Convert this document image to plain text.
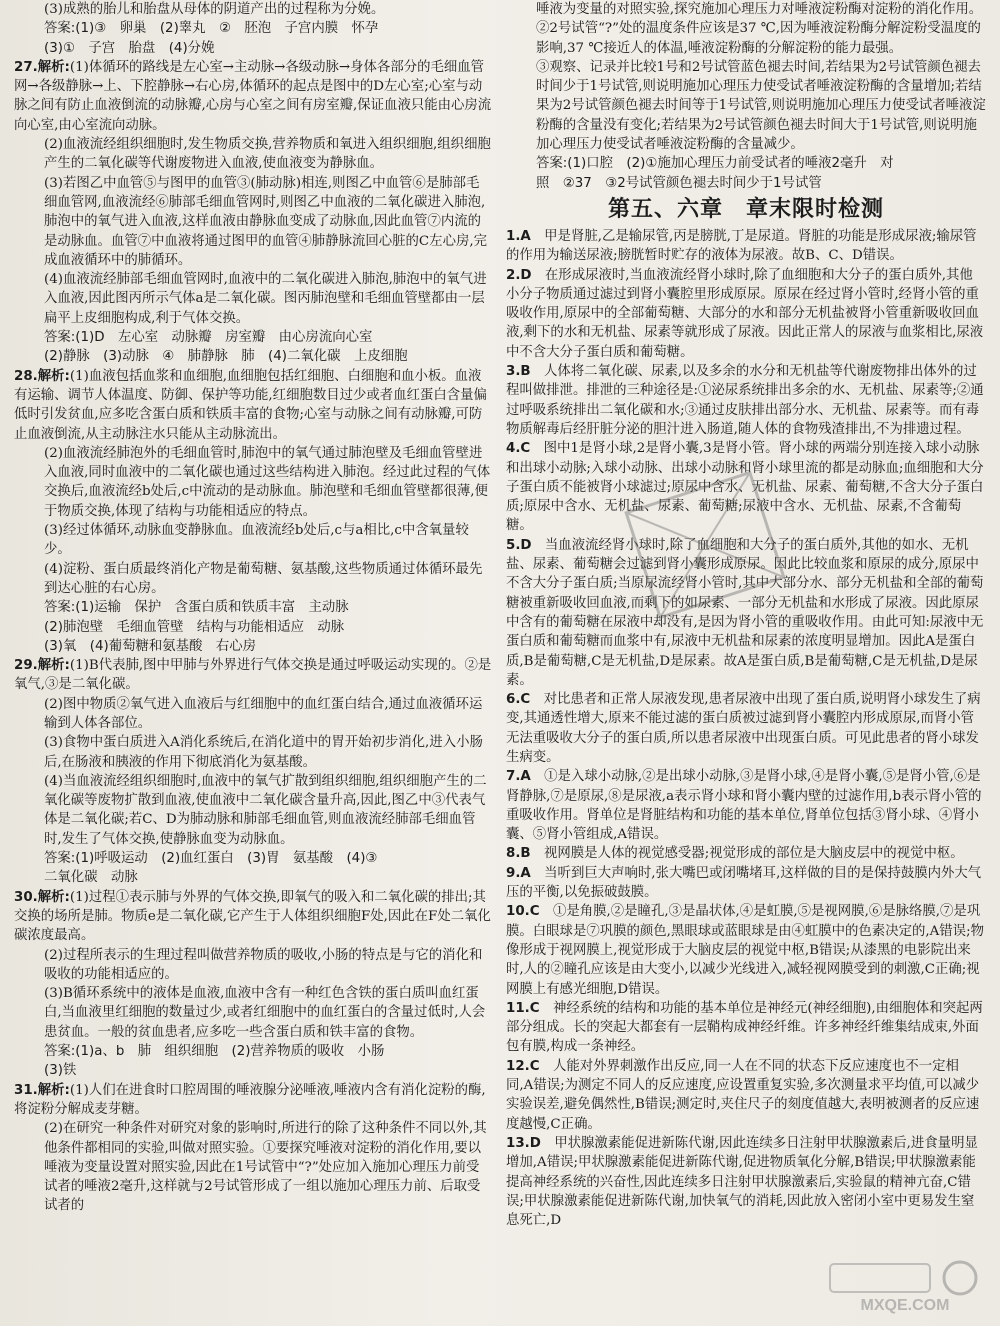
(3)成熟的胎儿和胎盘从母体的阴道产出的过程称为分娩。

答案:(1)③　卵巢　(2)睾丸　②　胚泡　子宫内膜　怀孕

(3)①　子宫　胎盘　(4)分娩

27.解析:(1)体循环的路线是左心室→主动脉→各级动脉→身体各部分的毛细血管网→各级静脉→上、下腔静脉→右心房,体循环的起点是图中的D左心室;心室与动脉之间有防止血液倒流的动脉瓣,心房与心室之间有房室瓣,保证血液只能由心房流向心室,由心室流向动脉。

(2)血液流经组织细胞时,发生物质交换,营养物质和氧进入组织细胞,组织细胞产生的二氧化碳等代谢废物进入血液,使血液变为静脉血。

(3)若图乙中血管⑤与图甲的血管③(肺动脉)相连,则图乙中血管⑥是肺部毛细血管网,血液流经⑥肺部毛细血管网时,则图乙中血液的二氧化碳进入肺泡,肺泡中的氧气进入血液,这样血液由静脉血变成了动脉血,因此血管⑦内流的是动脉血。血管⑦中血液将通过图甲的血管④肺静脉流回心脏的C左心房,完成血液循环中的肺循环。

(4)血液流经肺部毛细血管网时,血液中的二氧化碳进入肺泡,肺泡中的氧气进入血液,因此图丙所示气体a是二氧化碳。图丙肺泡壁和毛细血管壁都由一层扁平上皮细胞构成,利于气体交换。

答案:(1)D　左心室　动脉瓣　房室瓣　由心房流向心室

(2)静脉　(3)动脉　④　肺静脉　肺　(4)二氧化碳　上皮细胞

28.解析:(1)血液包括血浆和血细胞,血细胞包括红细胞、白细胞和血小板。血液有运输、调节人体温度、防御、保护等功能,红细胞数目过少或者血红蛋白含量偏低时引发贫血,应多吃含蛋白质和铁质丰富的食物;心室与动脉之间有动脉瓣,可防止血液倒流,从主动脉注水只能从主动脉流出。

(2)血液流经肺泡外的毛细血管时,肺泡中的氧气通过肺泡壁及毛细血管壁进入血液,同时血液中的二氧化碳也通过这些结构进入肺泡。经过此过程的气体交换后,血液流经b处后,c中流动的是动脉血。肺泡壁和毛细血管壁都很薄,便于物质交换,体现了结构与功能相适应的特点。

(3)经过体循环,动脉血变静脉血。血液流经b处后,c与a相比,c中含氧量较少。

(4)淀粉、蛋白质最终消化产物是葡萄糖、氨基酸,这些物质通过体循环最先到达心脏的右心房。

答案:(1)运输　保护　含蛋白质和铁质丰富　主动脉

(2)肺泡壁　毛细血管壁　结构与功能相适应　动脉

(3)氧　(4)葡萄糖和氨基酸　右心房

29.解析:(1)B代表肺,图中甲肺与外界进行气体交换是通过呼吸运动实现的。②是氧气,③是二氧化碳。

(2)图中物质②氧气进入血液后与红细胞中的血红蛋白结合,通过血液循环运输到人体各部位。

(3)食物中蛋白质进入A消化系统后,在消化道中的胃开始初步消化,进入小肠后,在肠液和胰液的作用下彻底消化为氨基酸。

(4)当血液流经组织细胞时,血液中的氧气扩散到组织细胞,组织细胞产生的二氧化碳等废物扩散到血液,使血液中二氧化碳含量升高,因此,图乙中③代表气体是二氧化碳;若C、D为肺动脉和肺部毛细血管,则血液流经肺部毛细血管时,发生了气体交换,使静脉血变为动脉血。

答案:(1)呼吸运动　(2)血红蛋白　(3)胃　氨基酸　(4)③

二氧化碳　动脉

30.解析:(1)过程①表示肺与外界的气体交换,即氧气的吸入和二氧化碳的排出;其交换的场所是肺。物质e是二氧化碳,它产生于人体组织细胞F处,因此在F处二氧化碳浓度最高。

(2)过程所表示的生理过程叫做营养物质的吸收,小肠的特点是与它的消化和吸收的功能相适应的。

(3)B循环系统中的液体是血液,血液中含有一种红色含铁的蛋白质叫血红蛋白,当血液里红细胞的数量过少,或者红细胞中的血红蛋白的含量过低时,人会患贫血。一般的贫血患者,应多吃一些含蛋白质和铁丰富的食物。

答案:(1)a、b　肺　组织细胞　(2)营养物质的吸收　小肠

(3)铁

31.解析:(1)人们在进食时口腔周围的唾液腺分泌唾液,唾液内含有消化淀粉的酶,将淀粉分解成麦芽糖。

(2)在研究一种条件对研究对象的影响时,所进行的除了这种条件不同以外,其他条件都相同的实验,叫做对照实验。①要探究唾液对淀粉的消化作用,要以唾液为变量设置对照实验,因此在1号试管中“?”处应加入施加心理压力前受试者的唾液2毫升,这样就与2号试管形成了一组以施加心理压力前、后取受试者的

唾液为变量的对照实验,探究施加心理压力对唾液淀粉酶对淀粉的消化作用。

②2号试管“?”处的温度条件应该是37 ℃,因为唾液淀粉酶分解淀粉受温度的影响,37 ℃接近人的体温,唾液淀粉酶的分解淀粉的能力最强。

③观察、记录并比较1号和2号试管蓝色褪去时间,若结果为2号试管颜色褪去时间少于1号试管,则说明施加心理压力使受试者唾液淀粉酶的含量增加;若结果为2号试管颜色褪去时间等于1号试管,则说明施加心理压力使受试者唾液淀粉酶的含量没有变化;若结果为2号试管颜色褪去时间大于1号试管,则说明施加心理压力使受试者唾液淀粉酶的含量减少。

答案:(1)口腔　(2)①施加心理压力前受试者的唾液2毫升　对

照　②37　③2号试管颜色褪去时间少于1号试管

第五、六章　章末限时检测

1.A　 甲是肾脏,乙是输尿管,丙是膀胱,丁是尿道。肾脏的功能是形成尿液;输尿管的作用为输送尿液;膀胱暂时贮存的液体为尿液。故B、C、D错误。

2.D　 在形成尿液时,当血液流经肾小球时,除了血细胞和大分子的蛋白质外,其他小分子物质通过滤过到肾小囊腔里形成原尿。原尿在经过肾小管时,经肾小管的重吸收作用,原尿中的全部葡萄糖、大部分的水和部分无机盐被肾小管重新吸收回血液,剩下的水和无机盐、尿素等就形成了尿液。因此正常人的尿液与血浆相比,尿液中不含大分子蛋白质和葡萄糖。

3.B　 人体将二氧化碳、尿素,以及多余的水分和无机盐等代谢废物排出体外的过程叫做排泄。排泄的三种途径是:①泌尿系统排出多余的水、无机盐、尿素等;②通过呼吸系统排出二氧化碳和水;③通过皮肤排出部分水、无机盐、尿素等。而有毒物质解毒后经肝脏分泌的胆汁进入肠道,随人体的食物残渣排出,不为排遗过程。

4.C　 图中1是肾小球,2是肾小囊,3是肾小管。肾小球的两端分别连接入球小动脉和出球小动脉;入球小动脉、出球小动脉和肾小球里流的都是动脉血;血细胞和大分子蛋白质不能被肾小球滤过;原尿中含水、无机盐、尿素、葡萄糖,不含大分子蛋白质;原尿中含水、无机盐、尿素、葡萄糖;尿液中含水、无机盐、尿素,不含葡萄糖。

5.D　 当血液流经肾小球时,除了血细胞和大分子的蛋白质外,其他的如水、无机盐、尿素、葡萄糖会过滤到肾小囊形成原尿。因此比较血浆和原尿的成分,原尿中不含大分子蛋白质;当原尿流经肾小管时,其中大部分水、部分无机盐和全部的葡萄糖被重新吸收回血液,而剩下的如尿素、一部分无机盐和水形成了尿液。因此原尿中含有的葡萄糖在尿液中却没有,是因为肾小管的重吸收作用。由此可知:尿液中无蛋白质和葡萄糖而血浆中有,尿液中无机盐和尿素的浓度明显增加。因此A是蛋白质,B是葡萄糖,C是无机盐,D是尿素。故A是蛋白质,B是葡萄糖,C是无机盐,D是尿素。

6.C　 对比患者和正常人尿液发现,患者尿液中出现了蛋白质,说明肾小球发生了病变,其通透性增大,原来不能过滤的蛋白质被过滤到肾小囊腔内形成原尿,而肾小管无法重吸收大分子的蛋白质,所以患者尿液中出现蛋白质。可见此患者的肾小球发生病变。

7.A　 ①是入球小动脉,②是出球小动脉,③是肾小球,④是肾小囊,⑤是肾小管,⑥是肾静脉,⑦是原尿,⑧是尿液,a表示肾小球和肾小囊内壁的过滤作用,b表示肾小管的重吸收作用。肾单位是肾脏结构和功能的基本单位,肾单位包括③肾小球、④肾小囊、⑤肾小管组成,A错误。

8.B　 视网膜是人体的视觉感受器;视觉形成的部位是大脑皮层中的视觉中枢。

9.A　 当听到巨大声响时,张大嘴巴或闭嘴堵耳,这样做的目的是保持鼓膜内外大气压的平衡,以免振破鼓膜。

10.C　 ①是角膜,②是瞳孔,③是晶状体,④是虹膜,⑤是视网膜,⑥是脉络膜,⑦是巩膜。白眼球是⑦巩膜的颜色,黑眼球或蓝眼球是由④虹膜中的色素决定的,A错误;物像形成于视网膜上,视觉形成于大脑皮层的视觉中枢,B错误;从漆黑的电影院出来时,人的②瞳孔应该是由大变小,以减少光线进入,减轻视网膜受到的刺激,C正确;视网膜上有感光细胞,D错误。

11.C　 神经系统的结构和功能的基本单位是神经元(神经细胞),由细胞体和突起两部分组成。长的突起大都套有一层鞘构成神经纤维。许多神经纤维集结成束,外面包有膜,构成一条神经。

12.C　 人能对外界刺激作出反应,同一人在不同的状态下反应速度也不一定相同,A错误;为测定不同人的反应速度,应设置重复实验,多次测量求平均值,可以减少实验误差,避免偶然性,B错误;测定时,夹住尺子的刻度值越大,表明被测者的反应速度越慢,C正确。

13.D　 甲状腺激素能促进新陈代谢,因此连续多日注射甲状腺激素后,进食量明显增加,A错误;甲状腺激素能促进新陈代谢,促进物质氧化分解,B错误;甲状腺激素能提高神经系统的兴奋性,因此连续多日注射甲状腺激素后,实验鼠的精神亢奋,C错误;甲状腺激素能促进新陈代谢,加快氧气的消耗,因此放入密闭小室中更易发生窒息死亡,D

MXQE.COM
